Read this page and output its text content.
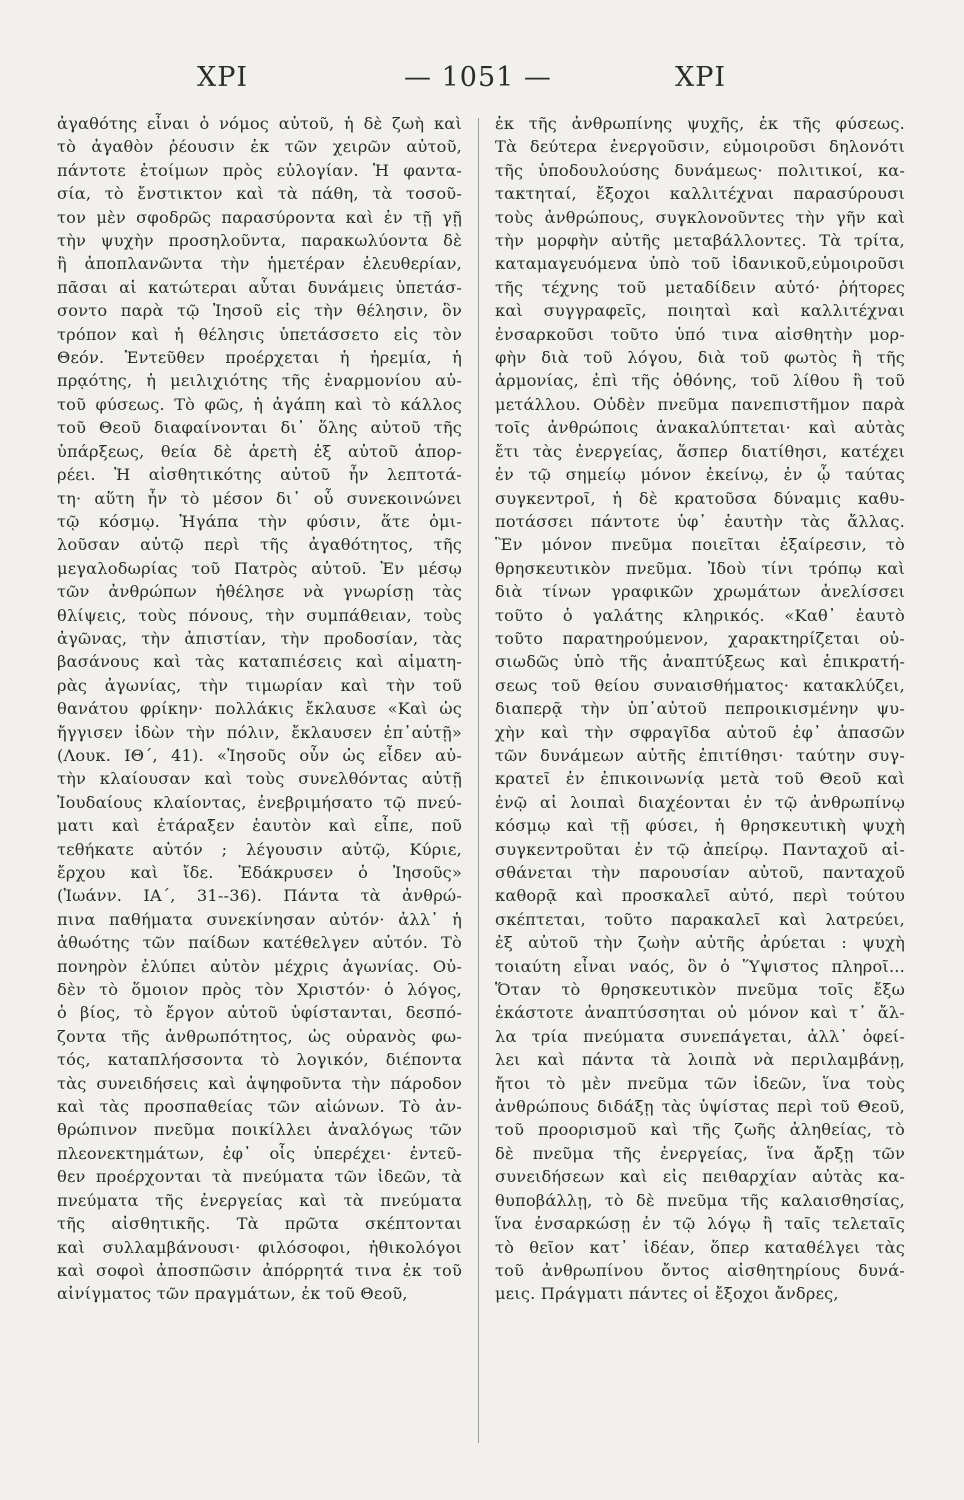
ΧΡΙ	— 1051 —	ΧΡΙ
ἀγαθότης εἶναι ὁ νόμος αὐτοῦ, ἡ δὲ ζωὴ καὶ
τὸ ἀγαθὸν ῥέουσιν ἐκ τῶν χειρῶν αὐτοῦ,
πάντοτε ἑτοίμων πρὸς εὐλογίαν. Ἡ φαντα-
σία, τὸ ἔνστικτον καὶ τὰ πάθη, τὰ τοσοῦ-
τον μὲν σφοδρῶς παρασύροντα καὶ ἐν τῇ γῇ
τὴν ψυχὴν προσηλοῦντα, παρακωλύοντα δὲ
ἢ ἀποπλανῶντα τὴν ἡμετέραν ἐλευθερίαν,
πᾶσαι αἱ κατώτεραι αὗται δυνάμεις ὑπετάσ-
σοντο παρὰ τῷ Ἰησοῦ εἰς τὴν θέλησιν, ὃν
τρόπον καὶ ἡ θέλησις ὑπετάσσετο εἰς τὸν
Θεόν. Ἐντεῦθεν προέρχεται ἡ ἠρεμία, ἡ
πρᾳότης, ἡ μειλιχιότης τῆς ἐναρμονίου αὐ-
τοῦ φύσεως. Τὸ φῶς, ἡ ἀγάπη καὶ τὸ κάλλος
τοῦ Θεοῦ διαφαίνονται δι᾽ ὅλης αὐτοῦ τῆς
ὑπάρξεως, θεία δὲ ἀρετὴ ἐξ αὐτοῦ ἀπορ-
ρέει. Ἡ αἰσθητικότης αὐτοῦ ἦν λεπτοτά-
τη· αὕτη ἦν τὸ μέσον δι᾽ οὗ συνεκοινώνει
τῷ κόσμῳ. Ἠγάπα τὴν φύσιν, ἅτε ὁμι-
λοῦσαν αὐτῷ περὶ τῆς ἀγαθότητος, τῆς
μεγαλοδωρίας τοῦ Πατρὸς αὐτοῦ. Ἐν μέσῳ
τῶν ἀνθρώπων ἠθέλησε νὰ γνωρίσῃ τὰς
θλίψεις, τοὺς πόνους, τὴν συμπάθειαν, τοὺς
ἀγῶνας, τὴν ἀπιστίαν, τὴν προδοσίαν, τὰς
βασάνους καὶ τὰς καταπιέσεις καὶ αἱματη-
ρὰς ἀγωνίας, τὴν τιμωρίαν καὶ τὴν τοῦ
θανάτου φρίκην· πολλάκις ἔκλαυσε «Καὶ ὡς
ἤγγισεν ἰδὼν τὴν πόλιν, ἔκλαυσεν ἐπ᾽αὐτῇ»
(Λουκ. ΙΘ΄, 41). «Ἰησοῦς οὖν ὡς εἶδεν αὐ-
τὴν κλαίουσαν καὶ τοὺς συνελθόντας αὐτῇ
Ἰουδαίους κλαίοντας, ἐνεβριμήσατο τῷ πνεύ-
ματι καὶ ἐτάραξεν ἑαυτὸν καὶ εἶπε, ποῦ
τεθήκατε αὐτόν ; λέγουσιν αὐτῷ, Κύριε,
ἔρχου καὶ ἴδε. Ἐδάκρυσεν ὁ Ἰησοῦς»
(Ἰωάνν. ΙΑ΄, 31--36). Πάντα τὰ ἀνθρώ-
πινα παθήματα συνεκίνησαν αὐτόν· ἀλλ᾽ ἡ
ἀθωότης τῶν παίδων κατέθελγεν αὐτόν. Τὸ
πονηρὸν ἐλύπει αὐτὸν μέχρις ἀγωνίας. Οὐ-
δὲν τὸ ὅμοιον πρὸς τὸν Χριστόν· ὁ λόγος,
ὁ βίος, τὸ ἔργον αὐτοῦ ὑφίστανται, δεσπό-
ζοντα τῆς ἀνθρωπότητος, ὡς οὐρανὸς φω-
τός, καταπλήσσοντα τὸ λογικόν, διέποντα
τὰς συνειδήσεις καὶ ἀψηφοῦντα τὴν πάροδον
καὶ τὰς προσπαθείας τῶν αἰώνων. Τὸ ἀν-
θρώπινον πνεῦμα ποικίλλει ἀναλόγως τῶν
πλεονεκτημάτων, ἐφ᾽ οἷς ὑπερέχει· ἐντεῦ-
θεν προέρχονται τὰ πνεύματα τῶν ἰδεῶν, τὰ
πνεύματα τῆς ἐνεργείας καὶ τὰ πνεύματα
τῆς αἰσθητικῆς. Τὰ πρῶτα σκέπτονται
καὶ συλλαμβάνουσι· φιλόσοφοι, ἠθικολόγοι
καὶ σοφοὶ ἀποσπῶσιν ἀπόρρητά τινα ἐκ τοῦ
αἰνίγματος τῶν πραγμάτων, ἐκ τοῦ Θεοῦ,
ἐκ τῆς ἀνθρωπίνης ψυχῆς, ἐκ τῆς φύσεως.
Τὰ δεύτερα ἐνεργοῦσιν, εὐμοιροῦσι δηλονότι
τῆς ὑποδουλούσης δυνάμεως· πολιτικοί, κα-
τακτηταί, ἔξοχοι καλλιτέχναι παρασύρουσι
τοὺς ἀνθρώπους, συγκλονοῦντες τὴν γῆν καὶ
τὴν μορφὴν αὐτῆς μεταβάλλοντες. Τὰ τρίτα,
καταμαγευόμενα ὑπὸ τοῦ ἰδανικοῦ,εὐμοιροῦσι
τῆς τέχνης τοῦ μεταδίδειν αὐτό· ῥήτορες
καὶ συγγραφεῖς, ποιηταὶ καὶ καλλιτέχναι
ἐνσαρκοῦσι τοῦτο ὑπό τινα αἰσθητὴν μορ-
φὴν διὰ τοῦ λόγου, διὰ τοῦ φωτὸς ἢ τῆς
ἁρμονίας, ἐπὶ τῆς ὀθόνης, τοῦ λίθου ἢ τοῦ
μετάλλου. Οὐδὲν πνεῦμα πανεπιστῆμον παρὰ
τοῖς ἀνθρώποις ἀνακαλύπτεται· καὶ αὐτὰς
ἔτι τὰς ἐνεργείας, ἅσπερ διατίθησι, κατέχει
ἐν τῷ σημείῳ μόνον ἐκείνῳ, ἐν ᾧ ταύτας
συγκεντροῖ, ἡ δὲ κρατοῦσα δύναμις καθυ-
ποτάσσει πάντοτε ὑφ᾽ ἑαυτὴν τὰς ἄλλας.
Ἓν μόνον πνεῦμα ποιεῖται ἐξαίρεσιν, τὸ
θρησκευτικὸν πνεῦμα. Ἰδοὺ τίνι τρόπῳ καὶ
διὰ τίνων γραφικῶν χρωμάτων ἀνελίσσει
τοῦτο ὁ γαλάτης κληρικός. «Καθ᾽ ἑαυτὸ
τοῦτο παρατηρούμενον, χαρακτηρίζεται οὐ-
σιωδῶς ὑπὸ τῆς ἀναπτύξεως καὶ ἐπικρατή-
σεως τοῦ θείου συναισθήματος· κατακλύζει,
διαπερᾷ τὴν ὑπ᾽αὐτοῦ πεπροικισμένην ψυ-
χὴν καὶ τὴν σφραγῖδα αὐτοῦ ἐφ᾽ ἁπασῶν
τῶν δυνάμεων αὐτῆς ἐπιτίθησι· ταύτην συγ-
κρατεῖ ἐν ἐπικοινωνίᾳ μετὰ τοῦ Θεοῦ καὶ
ἐνῷ αἱ λοιπαὶ διαχέονται ἐν τῷ ἀνθρωπίνῳ
κόσμῳ καὶ τῇ φύσει, ἡ θρησκευτικὴ ψυχὴ
συγκεντροῦται ἐν τῷ ἀπείρῳ. Πανταχοῦ αἰ-
σθάνεται τὴν παρουσίαν αὐτοῦ, πανταχοῦ
καθορᾷ καὶ προσκαλεῖ αὐτό, περὶ τούτου
σκέπτεται, τοῦτο παρακαλεῖ καὶ λατρεύει,
ἐξ αὐτοῦ τὴν ζωὴν αὐτῆς ἀρύεται : ψυχὴ
τοιαύτη εἶναι ναός, ὃν ὁ Ὕψιστος πληροῖ...
Ὅταν τὸ θρησκευτικὸν πνεῦμα τοῖς ἔξω
ἑκάστοτε ἀναπτύσσηται οὐ μόνον καὶ τ᾽ ἄλ-
λα τρία πνεύματα συνεπάγεται, ἀλλ᾽ ὀφεί-
λει καὶ πάντα τὰ λοιπὰ νὰ περιλαμβάνῃ,
ἤτοι τὸ μὲν πνεῦμα τῶν ἰδεῶν, ἵνα τοὺς
ἀνθρώπους διδάξῃ τὰς ὑψίστας περὶ τοῦ Θεοῦ,
τοῦ προορισμοῦ καὶ τῆς ζωῆς ἀληθείας, τὸ
δὲ πνεῦμα τῆς ἐνεργείας, ἵνα ἄρξῃ τῶν
συνειδήσεων καὶ εἰς πειθαρχίαν αὐτὰς κα-
θυποβάλλῃ, τὸ δὲ πνεῦμα τῆς καλαισθησίας,
ἵνα ἐνσαρκώσῃ ἐν τῷ λόγῳ ἢ ταῖς τελεταῖς
τὸ θεῖον κατ᾽ ἰδέαν, ὅπερ καταθέλγει τὰς
τοῦ ἀνθρωπίνου ὄντος αἰσθητηρίους δυνά-
μεις. Πράγματι πάντες οἱ ἔξοχοι ἄνδρες,
